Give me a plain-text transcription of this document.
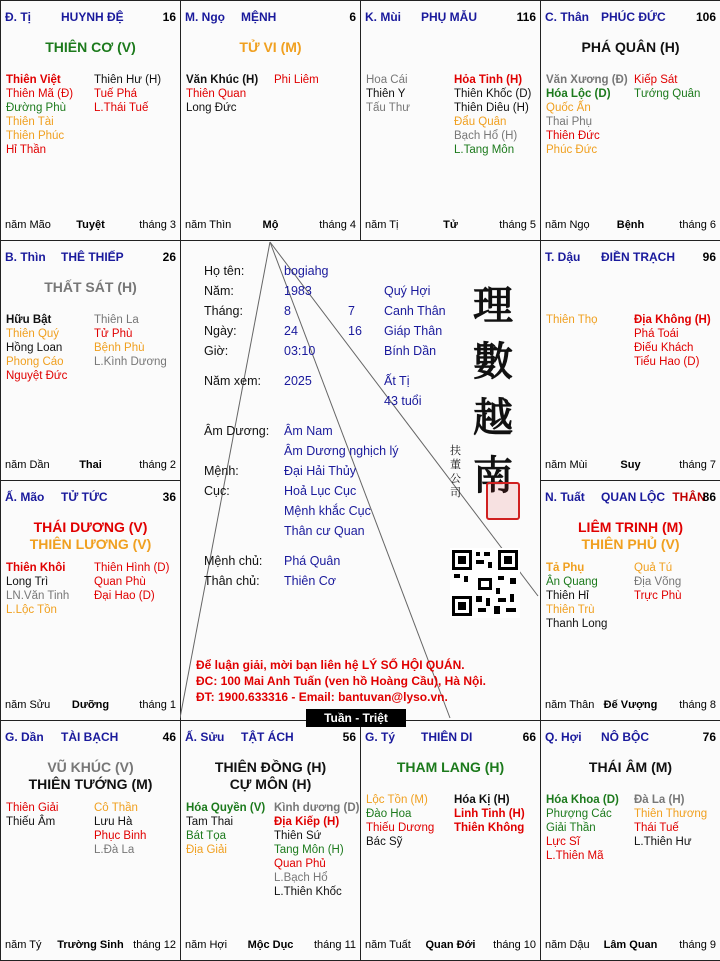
Đ. Tị	HUYNH ĐỆ	16
THIÊN CƠ (V)
Thiên Việt
Thiên Mã (Đ)
Đường Phù
Thiên Tài
Thiên Phúc
Hỉ Thần
Thiên Hư (H)
Tuế Phá
L.Thái Tuế
năm Mão	Tuyệt	tháng 3
M. Ngọ MỆNH	6
TỬ VI (M)
Văn Khúc (H)
Thiên Quan
Long Đức
Phi Liêm
năm Thìn	Mộ	tháng 4
K. Mùi PHỤ MẪU	116
Hoa Cái
Thiên Y
Tấu Thư
Hỏa Tinh (H)
Thiên Khốc (D)
Thiên Diêu (H)
Đẩu Quân
Bạch Hổ (H)
L.Tang Môn
năm Tị	Tử	tháng 5
C. Thân PHÚC ĐỨC	106
PHÁ QUÂN (H)
Văn Xương (Đ)
Hóa Lộc (D)
Quốc Ấn
Thai Phụ
Thiên Đức
Phúc Đức
Kiếp Sát
Tướng Quân
năm Ngọ	Bệnh	tháng 6
T. Dậu ĐIỀN TRẠCH 96
Thiên Thọ	Địa Không (H)
Phá Toái
Điếu Khách
Tiểu Hao (D)
năm Mùi	Suy	tháng 7
N. Tuất QUAN LỘC THÂN
86
LIÊM TRINH (M)
THIÊN PHỦ (V)
Tả Phụ
Ân Quang
Thiên Hỉ
Thiên Trù
Thanh Long
Quả Tú
Địa Võng
Trực Phù
năm Thân Đế Vượng	tháng 8
Q. Hợi NÔ BỘC	76
THÁI ÂM (M)
Hóa Khoa (D)
Phượng Các
Giải Thần
Lực Sĩ
L.Thiên Mã
Đà La (H)
Thiên Thương
Thái Tuế
L.Thiên Hư
năm Dậu	Lâm Quan	tháng 9
G. Tý THIÊN DI	66
THAM LANG (H)
Lộc Tồn (M)
Đào Hoa
Thiếu Dương
Bác Sỹ
Hóa Kị (H)
Linh Tinh (H)
Thiên Không
năm Tuất	Quan Đới	tháng 10
Ấ. Sửu TẬT ÁCH	56
THIÊN ĐỒNG (H)
CỰ MÔN (H)
Hóa Quyền (V)
Tam Thai
Bát Tọa
Địa Giải
Kình dương (D)
Địa Kiếp (H)
Thiên Sứ
Tang Môn (H)
Quan Phủ
L.Bạch Hổ
L.Thiên Khốc
năm Hợi	Mộc Dục	tháng 11
G. Dần TÀI BẠCH	46
VŨ KHÚC (V)
THIÊN TƯỚNG (M)
Thiên Giải
Thiếu Âm
Cô Thần
Lưu Hà
Phục Binh
L.Đà La
năm Tý	Trường Sinh tháng 12
Ấ. Mão TỬ TỨC	36
THÁI DƯƠNG (V)
THIÊN LƯƠNG (V)
Thiên Khôi
Long Trì
LN.Văn Tinh
L.Lộc Tồn
Thiên Hình (D)
Quan Phù
Đại Hao (D)
năm Sửu	Dưỡng	tháng 1
B. Thìn THÊ THIẾP	26
THẤT SÁT (H)
Hữu Bật
Thiên Quý
Hồng Loan
Phong Cáo
Nguyệt Đức
Thiên La
Tử Phù
Bệnh Phù
L.Kình Dương
năm Dần	Thai	tháng 2
Họ tên:	bogiahg
Năm:	1983	Quý Hợi
Tháng:	8	7 Canh Thân
Ngày:	24	16 Giáp Thân
Giờ:	03:10	Bính Dần
Năm xem: 2025	Ất Tị
43 tuổi
Âm Dương: Âm Nam
Âm Dương nghịch lý
Mệnh:	Đại Hải Thủy
Cục:	Hoả Lục Cục
Mệnh khắc Cục
Thân cư Quan
Mệnh chủ: Phá Quân
Thân chủ: Thiên Cơ
理
數
越
南
扶 董 公 司
Để luận giải, mời bạn liên hệ LÝ SỐ HỘI QUÁN.
ĐC: 100 Mai Anh Tuấn (ven hồ Hoàng Cầu), Hà Nội.
ĐT: 1900.633316 - Email: bantuvan@lyso.vn.
Tuần - Triệt
